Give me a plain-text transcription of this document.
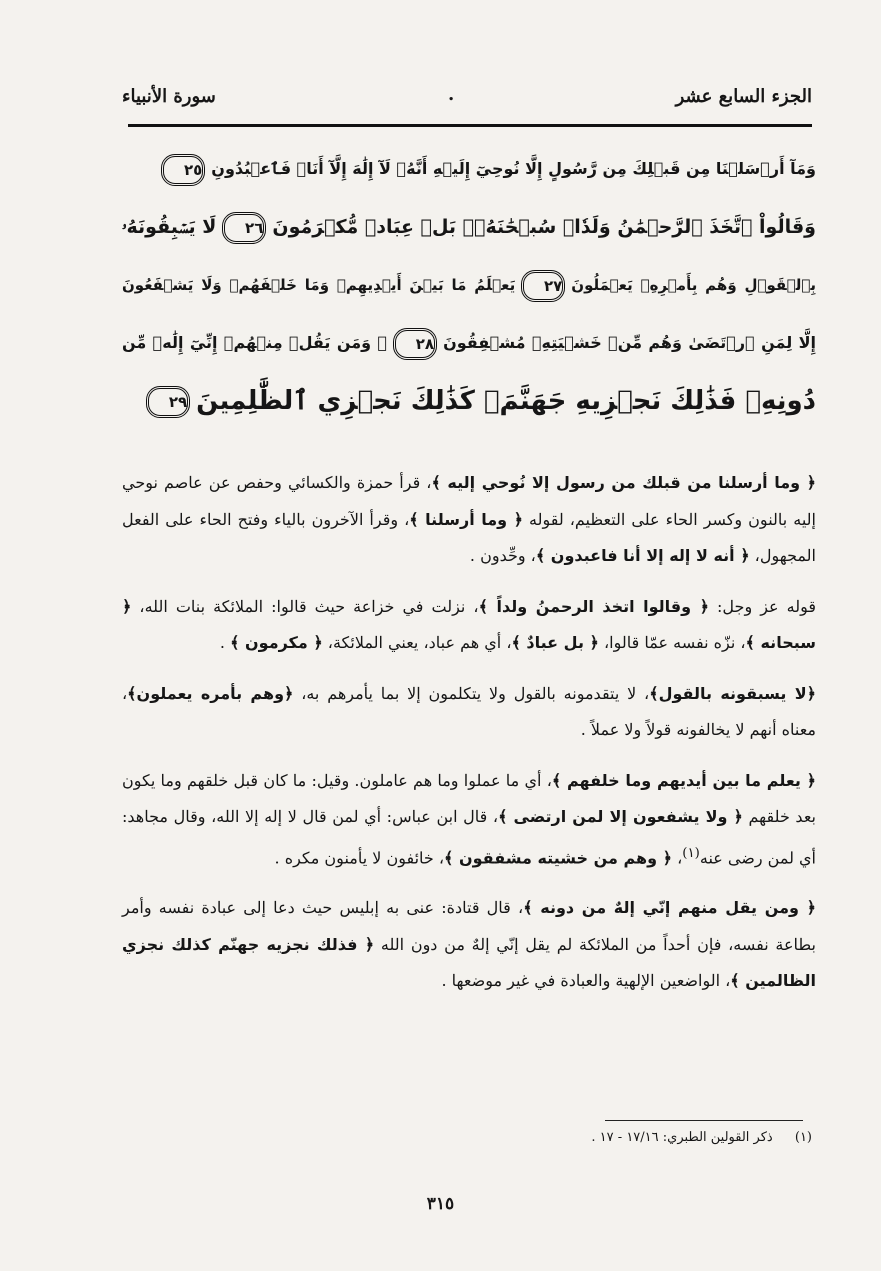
الجزء السابع عشر
.
سورة الأنبياء
وَمَآ أَرۡسَلۡنَا مِن قَبۡلِكَ مِن رَّسُولٍ إِلَّا نُوحِيٓ إِلَيۡهِ أَنَّهُۥ لَآ إِلَٰهَ إِلَّآ أَنَا۠ فَٱعۡبُدُونِ٢٥
وَقَالُواْ ٱتَّخَذَ ٱلرَّحۡمَٰنُ وَلَدٗاۗ سُبۡحَٰنَهُۥۚ بَلۡ عِبَادٞ مُّكۡرَمُونَ٢٦لَا يَسۡبِقُونَهُۥ
بِٱلۡقَوۡلِ وَهُم بِأَمۡرِهِۦ يَعۡمَلُونَ٢٧يَعۡلَمُ مَا بَيۡنَ أَيۡدِيهِمۡ وَمَا خَلۡفَهُمۡ وَلَا يَشۡفَعُونَ
إِلَّا لِمَنِ ٱرۡتَضَىٰ وَهُم مِّنۡ خَشۡيَتِهِۦ مُشۡفِقُونَ٢٨۞ وَمَن يَقُلۡ مِنۡهُمۡ إِنِّيٓ إِلَٰهٞ مِّن
دُونِهِۦ فَذَٰلِكَ نَجۡزِيهِ جَهَنَّمَۚ كَذَٰلِكَ نَجۡزِي ٱلظَّٰلِمِينَ٢٩

﴿ وما أرسلنا من قبلك من رسول إلا نُوحي إليه ﴾، قرأ حمزة والكسائي وحفص عن عاصم نوحي إليه بالنون وكسر الحاء على التعظيم، لقوله ﴿ وما أرسلنا ﴾، وقرأ الآخرون بالياء وفتح الحاء على الفعل المجهول، ﴿ أنه لا إله إلا أنا فاعبدون ﴾، وحِّدون .

قوله عز وجل: ﴿ وقالوا اتخذ الرحمنُ ولداً ﴾، نزلت في خزاعة حيث قالوا: الملائكة بنات الله، ﴿ سبحانه ﴾، نزّه نفسه عمّا قالوا، ﴿ بل عبادٌ ﴾، أي هم عباد، يعني الملائكة، ﴿ مكرمون ﴾ .

﴿لا يسبقونه بالقول﴾، لا يتقدمونه بالقول ولا يتكلمون إلا بما يأمرهم به، ﴿وهم بأمره يعملون﴾، معناه أنهم لا يخالفونه قولاً ولا عملاً .

﴿ يعلم ما بين أيديهم وما خلفهم ﴾، أي ما عملوا وما هم عاملون. وقيل: ما كان قبل خلقهم وما يكون بعد خلقهم ﴿ ولا يشفعون إلا لمن ارتضى ﴾، قال ابن عباس: أي لمن قال لا إله إلا الله، وقال مجاهد: أي لمن رضى عنه$^{(١)}$، ﴿ وهم من خشيته مشفقون ﴾، خائفون لا يأمنون مكره .

﴿ ومن يقل منهم إنّي إلهٌ من دونه ﴾، قال قتادة: عنى به إبليس حيث دعا إلى عبادة نفسه وأمر بطاعة نفسه، فإن أحداً من الملائكة لم يقل إنّي إلهٌ من دون الله ﴿ فذلك نجزيه جهنّم كذلك نجزي الظالمين ﴾، الواضعين الإلهية والعبادة في غير موضعها .

(١) ذكر القولين الطبري: ١٧/١٦ - ١٧ .
٣١٥
